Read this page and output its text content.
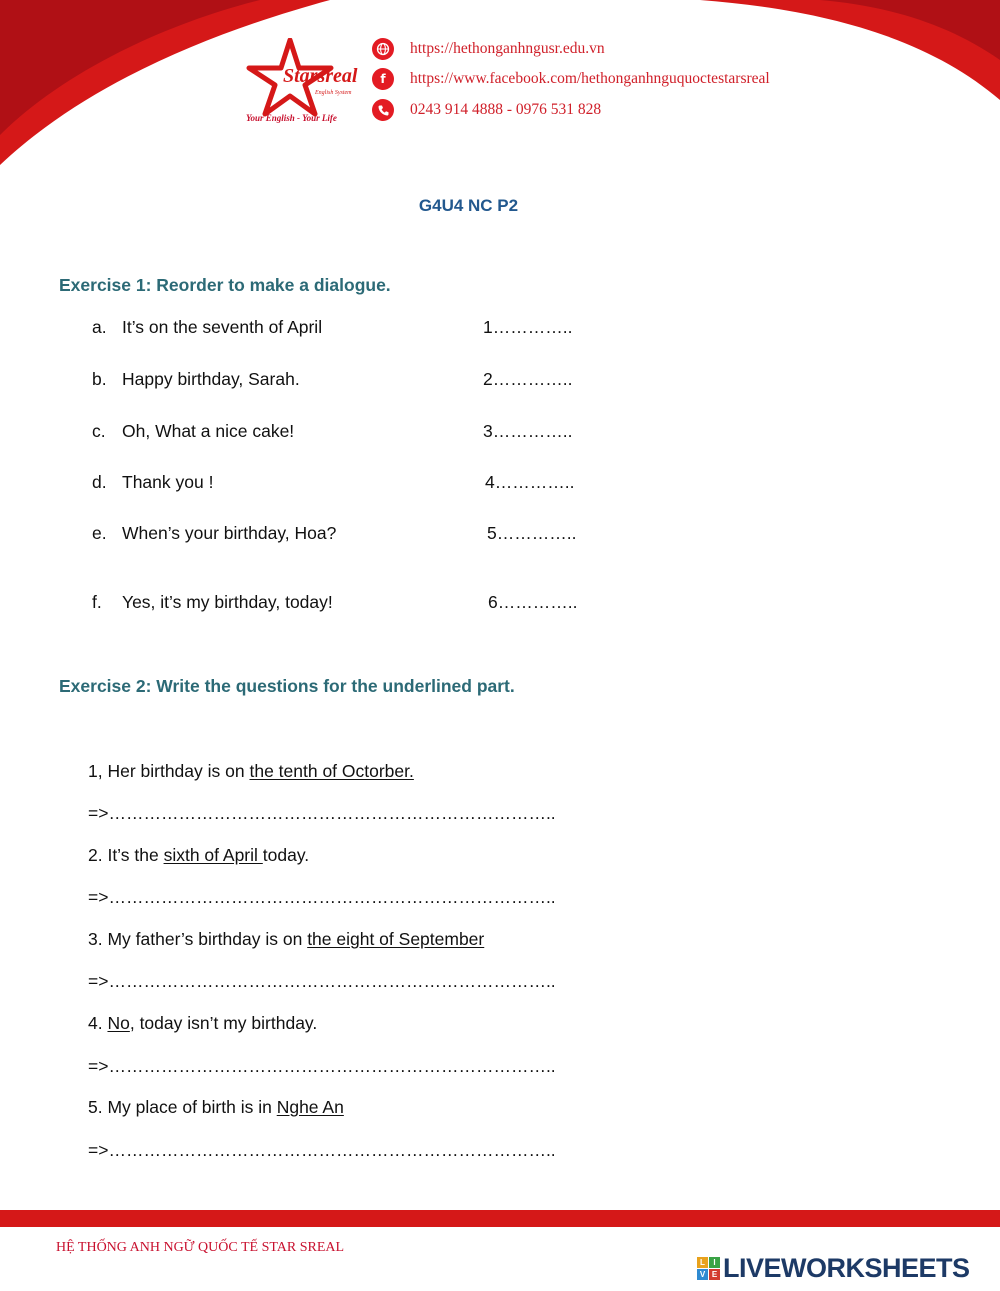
Starsreal
English System
Your English - Your Life
https://hethonganhngusr.edu.vn
f	https://www.facebook.com/hethonganhnguquoctestarsreal
0243 914 4888 - 0976 531 828
G4U4 NC P2
Exercise 1: Reorder to make a dialogue.
a. It’s on the seventh of April	1…………..
b. Happy birthday, Sarah.	2…………..
c. Oh, What a nice cake!	3…………..
d. Thank you !	4…………..
e. When’s your birthday, Hoa?	5…………..
f. Yes, it’s my birthday, today!	6…………..
Exercise 2: Write the questions for the underlined part.
1, Her birthday is on the tenth of Octorber.
=>…………………………………………………………………..
2. It’s the sixth of April today.
=>…………………………………………………………………..
3. My father’s birthday is on the eight of September
=>…………………………………………………………………..
4. No, today isn’t my birthday.
=>…………………………………………………………………..
5. My place of birth is in Nghe An
=>…………………………………………………………………..
HỆ THỐNG ANH NGỮ QUỐC TẾ STAR SREAL
L	I
V E LIVEWORKSHEETS
